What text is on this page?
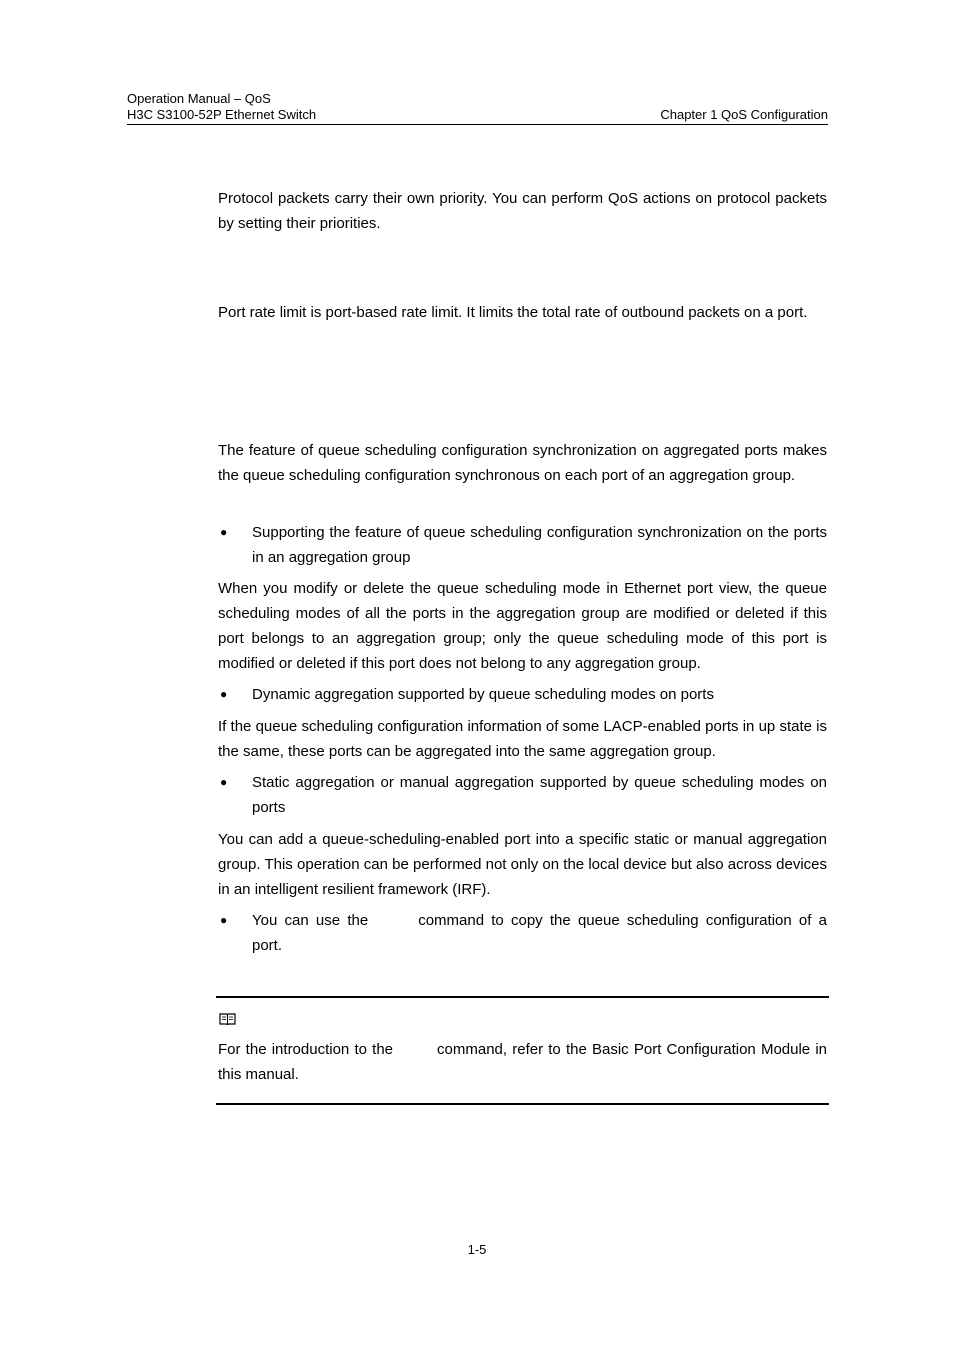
Operation Manual – QoS
H3C S3100-52P Ethernet Switch	Chapter 1 QoS Configuration

Protocol packets carry their own priority. You can perform QoS actions on protocol packets by setting their priorities.

Port rate limit is port-based rate limit. It limits the total rate of outbound packets on a port.

The feature of queue scheduling configuration synchronization on aggregated ports makes the queue scheduling configuration synchronous on each port of an aggregation group.

● Supporting the feature of queue scheduling configuration synchronization on the ports in an aggregation group

When you modify or delete the queue scheduling mode in Ethernet port view, the queue scheduling modes of all the ports in the aggregation group are modified or deleted if this port belongs to an aggregation group; only the queue scheduling mode of this port is modified or deleted if this port does not belong to any aggregation group.

● Dynamic aggregation supported by queue scheduling modes on ports

If the queue scheduling configuration information of some LACP-enabled ports in up state is the same, these ports can be aggregated into the same aggregation group.

● Static aggregation or manual aggregation supported by queue scheduling modes on ports

You can add a queue-scheduling-enabled port into a specific static or manual aggregation group. This operation can be performed not only on the local device but also across devices in an intelligent resilient framework (IRF).

● You can use the	command to copy the queue scheduling configuration of a port.

For the introduction to the	command, refer to the Basic Port Configuration Module in this manual.

1-5
